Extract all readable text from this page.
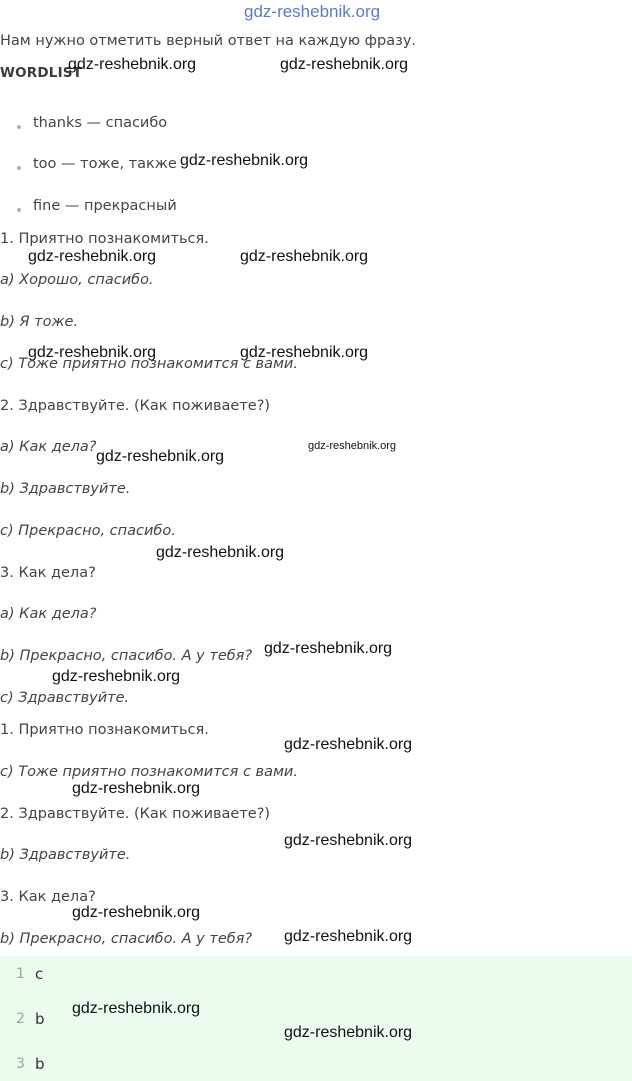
gdz-reshebnik.org
Нам нужно отметить верный ответ на каждую фразу.
WORDLIST
thanks — спасибо
too — тоже, также
fine — прекрасный
1. Приятно познакомиться.
a) Хорошо, спасибо.
b) Я тоже.
c) Тоже приятно познакомится с вами.
2. Здравствуйте. (Как поживаете?)
a) Как дела?
b) Здравствуйте.
c) Прекрасно, спасибо.
3. Как дела?
a) Как дела?
b) Прекрасно, спасибо. А у тебя?
c) Здравствуйте.
1. Приятно познакомиться.
c) Тоже приятно познакомится с вами.
2. Здравствуйте. (Как поживаете?)
b) Здравствуйте.
3. Как дела?
b) Прекрасно, спасибо. А у тебя?
1 c
2 b
3 b
gdz-reshebnik.org	gdz-reshebnik.org
gdz-reshebnik.org
gdz-reshebnik.org	gdz-reshebnik.org
gdz-reshebnik.org	gdz-reshebnik.org
gdz-reshebnik.org
gdz-reshebnik.org
gdz-reshebnik.org
gdz-reshebnik.org
gdz-reshebnik.org
gdz-reshebnik.org
gdz-reshebnik.org
gdz-reshebnik.org
gdz-reshebnik.org
gdz-reshebnik.org
gdz-reshebnik.org
gdz-reshebnik.org
